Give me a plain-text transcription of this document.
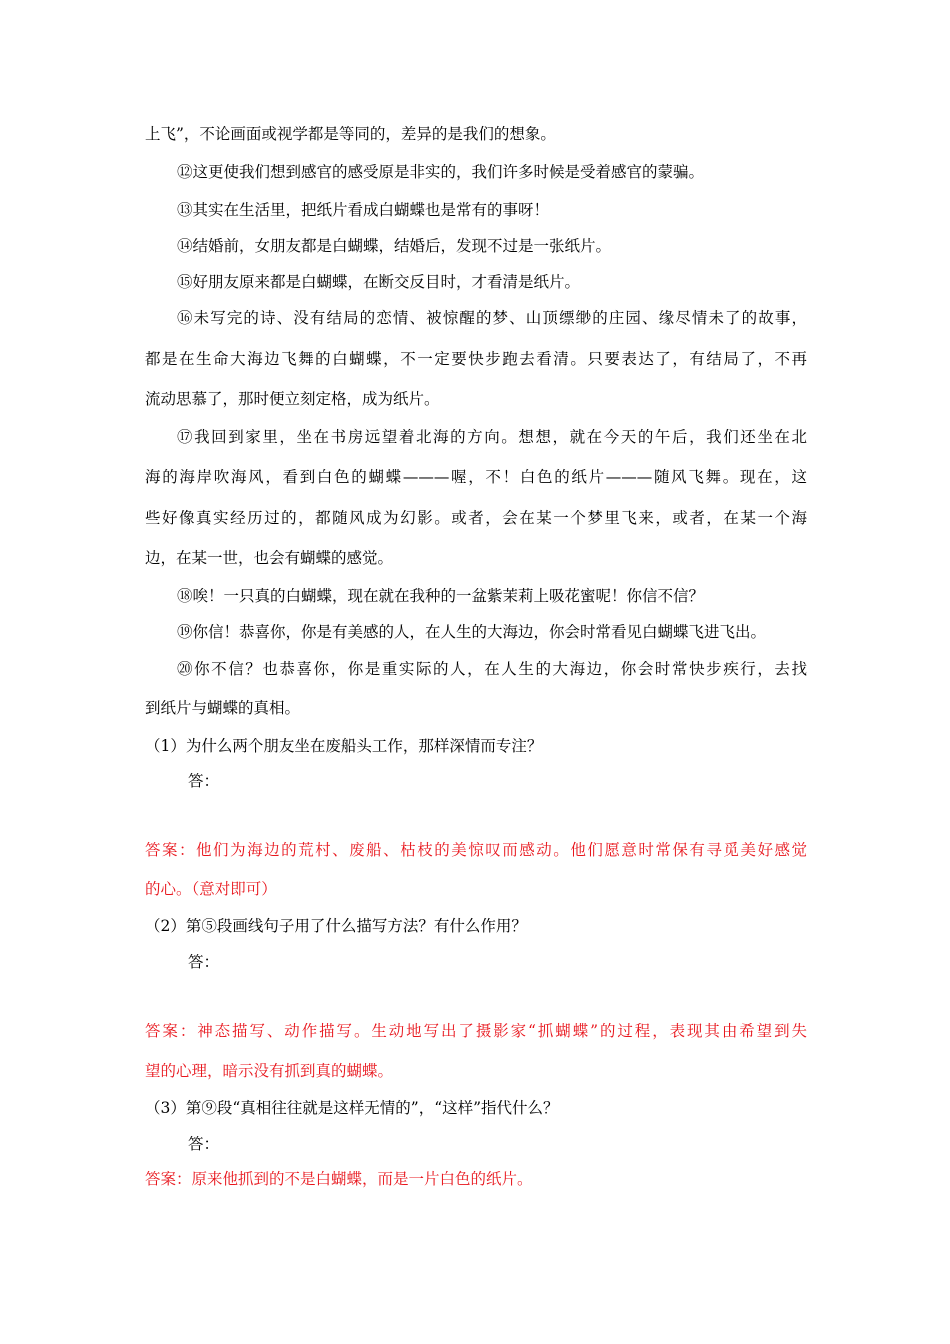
上飞”，不论画面或视学都是等同的，差异的是我们的想象。
⑫这更使我们想到感官的感受原是非实的，我们许多时候是受着感官的蒙骗。
⑬其实在生活里，把纸片看成白蝴蝶也是常有的事呀！
⑭结婚前，女朋友都是白蝴蝶，结婚后，发现不过是一张纸片。
⑮好朋友原来都是白蝴蝶，在断交反目时，才看清是纸片。
⑯未写完的诗、没有结局的恋情、被惊醒的梦、山顶缥缈的庄园、缘尽情未了的故事，
都是在生命大海边飞舞的白蝴蝶，不一定要快步跑去看清。只要表达了，有结局了，不再
流动思慕了，那时便立刻定格，成为纸片。
⑰我回到家里，坐在书房远望着北海的方向。想想，就在今天的午后，我们还坐在北
海的海岸吹海风，看到白色的蝴蝶———喔，不！白色的纸片———随风飞舞。现在，这
些好像真实经历过的，都随风成为幻影。或者，会在某一个梦里飞来，或者，在某一个海
边，在某一世，也会有蝴蝶的感觉。
⑱唉！一只真的白蝴蝶，现在就在我种的一盆紫茉莉上吸花蜜呢！你信不信？
⑲你信！恭喜你，你是有美感的人，在人生的大海边，你会时常看见白蝴蝶飞进飞出。
⑳你不信？也恭喜你，你是重实际的人，在人生的大海边，你会时常快步疾行，去找
到纸片与蝴蝶的真相。
（1）为什么两个朋友坐在废船头工作，那样深情而专注？
答：
答案：他们为海边的荒村、废船、枯枝的美惊叹而感动。他们愿意时常保有寻觅美好感觉
的心。（意对即可）
（2）第⑤段画线句子用了什么描写方法？有什么作用？
答：
答案：神态描写、动作描写。生动地写出了摄影家“抓蝴蝶”的过程，表现其由希望到失
望的心理，暗示没有抓到真的蝴蝶。
（3）第⑨段“真相往往就是这样无情的”，“这样”指代什么？
答：
答案：原来他抓到的不是白蝴蝶，而是一片白色的纸片。
